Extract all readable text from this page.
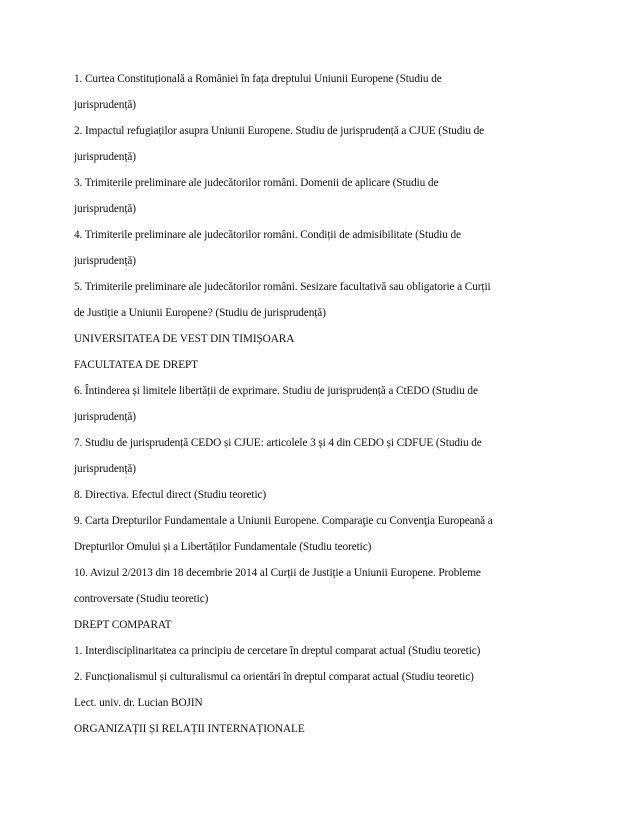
1. Curtea Constituțională a României în fața dreptului Uniunii Europene (Studiu de
jurisprudență)
2. Impactul refugiaților asupra Uniunii Europene. Studiu de jurisprudență a CJUE (Studiu de
jurisprudență)
3. Trimiterile preliminare ale judecătorilor români. Domenii de aplicare (Studiu de
jurisprudență)
4. Trimiterile preliminare ale judecătorilor români. Condiții de admisibilitate (Studiu de
jurisprudență)
5. Trimiterile preliminare ale judecătorilor români. Sesizare facultativă sau obligatorie a Curții
de Justiție a Uniunii Europene? (Studiu de jurisprudență)
UNIVERSITATEA DE VEST DIN TIMIȘOARA
FACULTATEA DE DREPT
6. Întinderea și limitele libertății de exprimare. Studiu de jurisprudență a CtEDO (Studiu de
jurisprudență)
7. Studiu de jurisprudență CEDO și CJUE: articolele 3 și 4 din CEDO și CDFUE (Studiu de
jurisprudență)
8. Directiva. Efectul direct (Studiu teoretic)
9. Carta Drepturilor Fundamentale a Uniunii Europene. Comparaţie cu Convenţia Europeană a
Drepturilor Omului și a Libertăților Fundamentale (Studiu teoretic)
10. Avizul 2/2013 din 18 decembrie 2014 al Curții de Justiție a Uniunii Europene. Probleme
controversate (Studiu teoretic)
DREPT COMPARAT
1. Interdisciplinaritatea ca principiu de cercetare în dreptul comparat actual (Studiu teoretic)
2. Funcționalismul și culturalismul ca orientări în dreptul comparat actual (Studiu teoretic)
Lect. univ. dr. Lucian BOJIN
ORGANIZAȚII ȘI RELAȚII INTERNAȚIONALE
